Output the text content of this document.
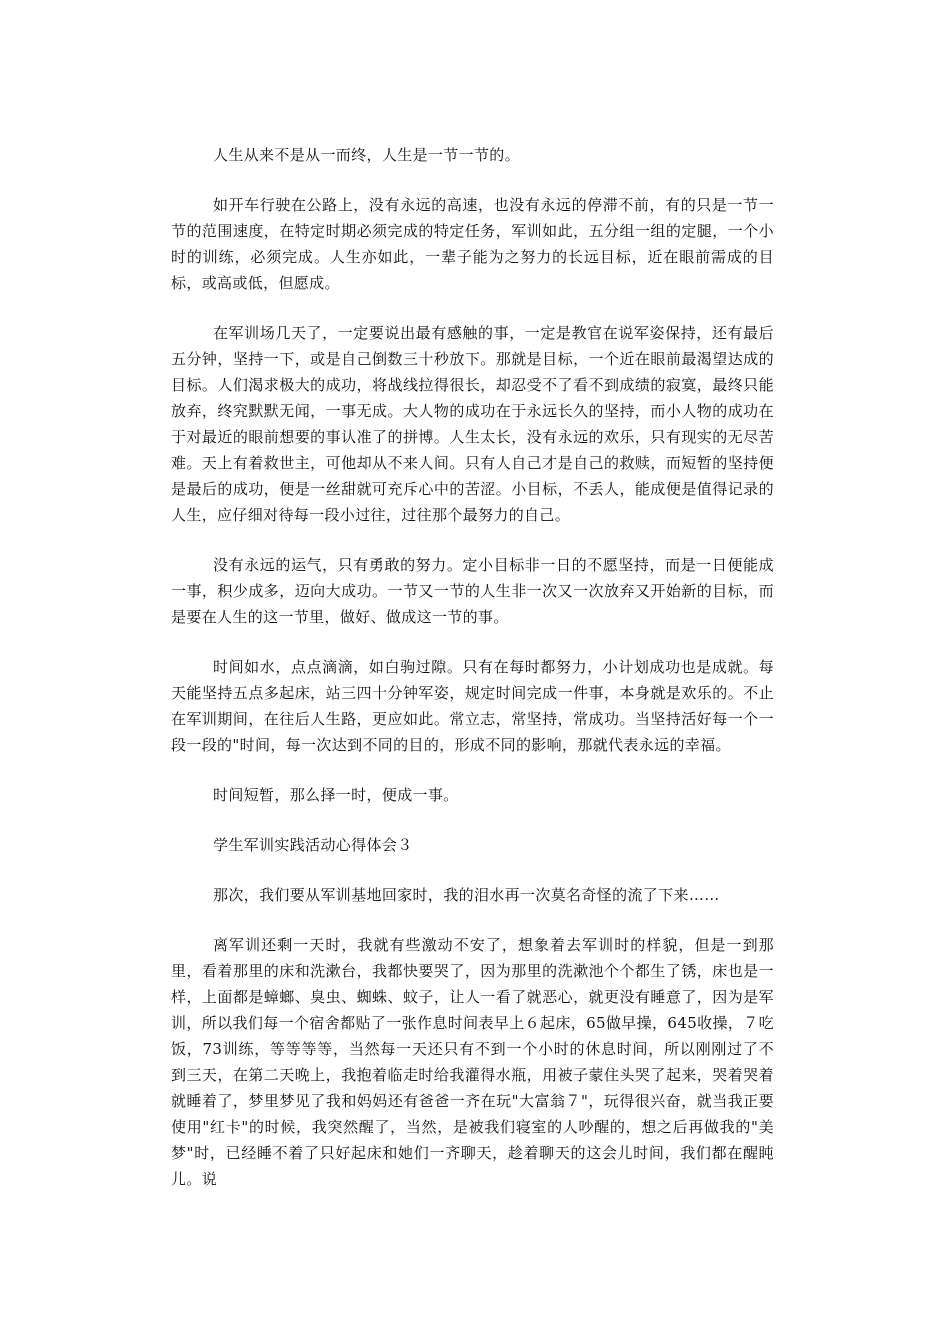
人生从来不是从一而终，人生是一节一节的。

如开车行驶在公路上，没有永远的高速，也没有永远的停滞不前，有的只是一节一节的范围速度，在特定时期必须完成的特定任务，军训如此，五分组一组的定腿，一个小时的训练，必须完成。人生亦如此，一辈子能为之努力的长远目标，近在眼前需成的目标，或高或低，但愿成。

在军训场几天了，一定要说出最有感触的事，一定是教官在说军姿保持，还有最后五分钟，坚持一下，或是自己倒数三十秒放下。那就是目标，一个近在眼前最渴望达成的目标。人们渴求极大的成功，将战线拉得很长，却忍受不了看不到成绩的寂寞，最终只能放弃，终究默默无闻，一事无成。大人物的成功在于永远长久的坚持，而小人物的成功在于对最近的眼前想要的事认准了的拼博。人生太长，没有永远的欢乐，只有现实的无尽苦难。天上有着救世主，可他却从不来人间。只有人自己才是自己的救赎，而短暂的坚持便是最后的成功，便是一丝甜就可充斥心中的苦涩。小目标，不丢人，能成便是值得记录的人生，应仔细对待每一段小过往，过往那个最努力的自己。

没有永远的运气，只有勇敢的努力。定小目标非一日的不愿坚持，而是一日便能成一事，积少成多，迈向大成功。一节又一节的人生非一次又一次放弃又开始新的目标，而是要在人生的这一节里，做好、做成这一节的事。

时间如水，点点滴滴，如白驹过隙。只有在每时都努力，小计划成功也是成就。每天能坚持五点多起床，站三四十分钟军姿，规定时间完成一件事，本身就是欢乐的。不止在军训期间，在往后人生路，更应如此。常立志，常坚持，常成功。当坚持活好每一个一段一段的"时间，每一次达到不同的目的，形成不同的影响，那就代表永远的幸福。

时间短暂，那么择一时，便成一事。

学生军训实践活动心得体会３

那次，我们要从军训基地回家时，我的泪水再一次莫名奇怪的流了下来……

离军训还剩一天时，我就有些激动不安了，想象着去军训时的样貌，但是一到那里，看着那里的床和洗漱台，我都快要哭了，因为那里的洗漱池个个都生了锈，床也是一样，上面都是蟑螂、臭虫、蜘蛛、蚊子，让人一看了就恶心，就更没有睡意了，因为是军训，所以我们每一个宿舍都贴了一张作息时间表早上６起床，65做早操，645收操，７吃饭，73训练，等等等等，当然每一天还只有不到一个小时的休息时间，所以刚刚过了不到三天，在第二天晚上，我抱着临走时给我灌得水瓶，用被子蒙住头哭了起来，哭着哭着就睡着了，梦里梦见了我和妈妈还有爸爸一齐在玩"大富翁７"，玩得很兴奋，就当我正要使用"红卡"的时候，我突然醒了，当然，是被我们寝室的人吵醒的，想之后再做我的"美梦"时，已经睡不着了只好起床和她们一齐聊天，趁着聊天的这会儿时间，我们都在醒盹儿。说
